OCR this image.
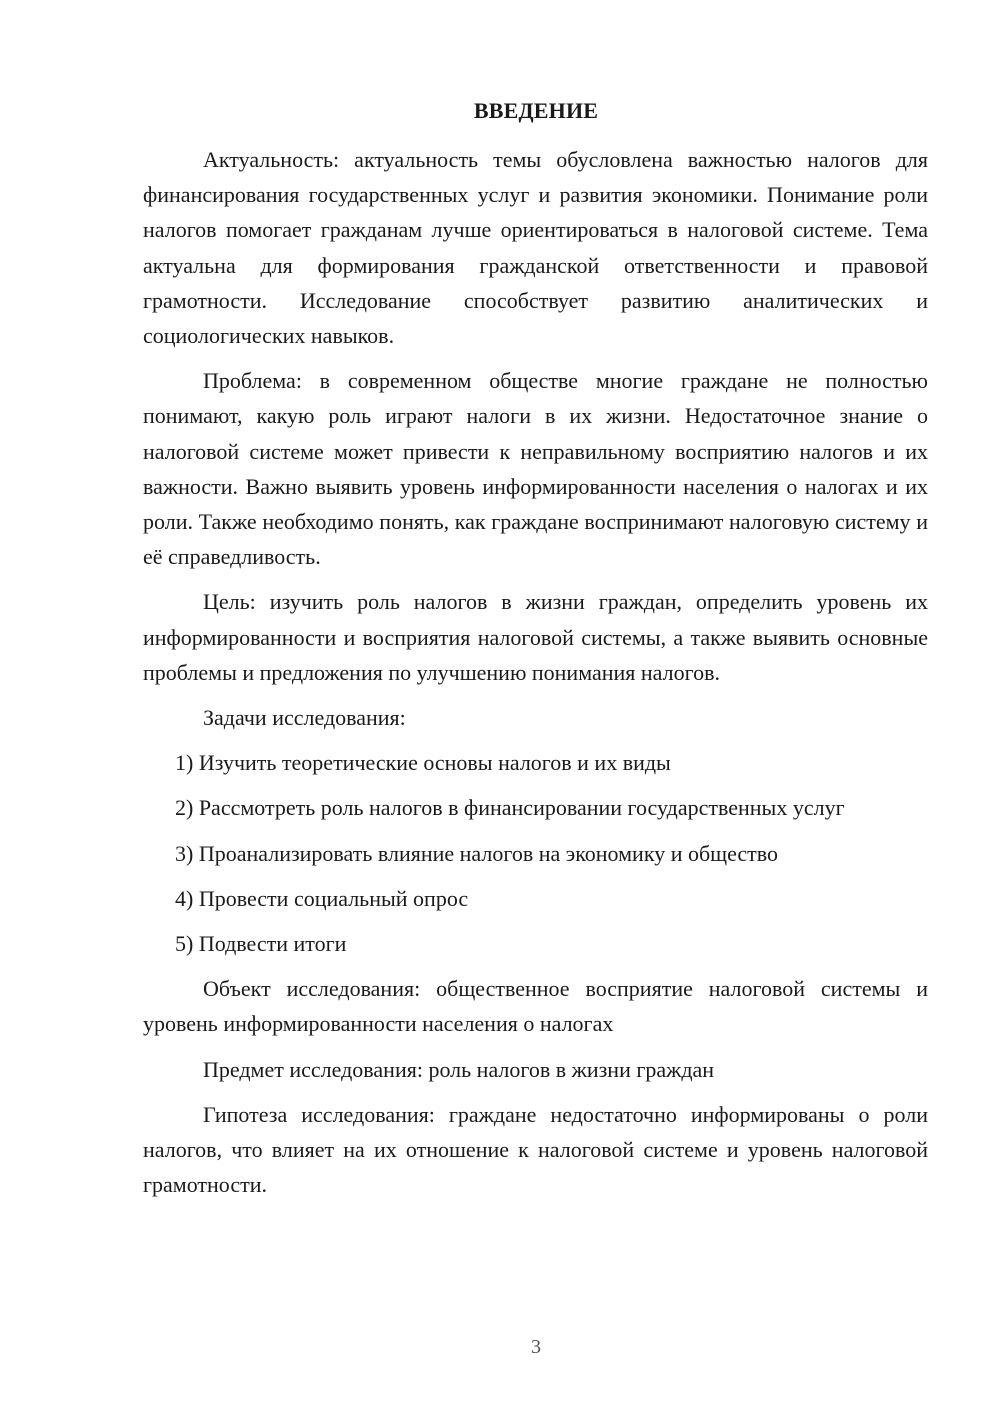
ВВЕДЕНИЕ

Актуальность: актуальность темы обусловлена важностью налогов для финансирования государственных услуг и развития экономики. Понимание роли налогов помогает гражданам лучше ориентироваться в налоговой системе. Тема актуальна для формирования гражданской ответственности и правовой грамотности. Исследование способствует развитию аналитических и социологических навыков.

Проблема: в современном обществе многие граждане не полностью понимают, какую роль играют налоги в их жизни. Недостаточное знание о налоговой системе может привести к неправильному восприятию налогов и их важности. Важно выявить уровень информированности населения о налогах и их роли. Также необходимо понять, как граждане воспринимают налоговую систему и её справедливость.

Цель: изучить роль налогов в жизни граждан, определить уровень их информированности и восприятия налоговой системы, а также выявить основные проблемы и предложения по улучшению понимания налогов.

Задачи исследования:

1) Изучить теоретические основы налогов и их виды

2) Рассмотреть роль налогов в финансировании государственных услуг

3) Проанализировать влияние налогов на экономику и общество

4) Провести социальный опрос

5) Подвести итоги

Объект исследования: общественное восприятие налоговой системы и уровень информированности населения о налогах

Предмет исследования: роль налогов в жизни граждан

Гипотеза исследования: граждане недостаточно информированы о роли налогов, что влияет на их отношение к налоговой системе и уровень налоговой грамотности.

3
